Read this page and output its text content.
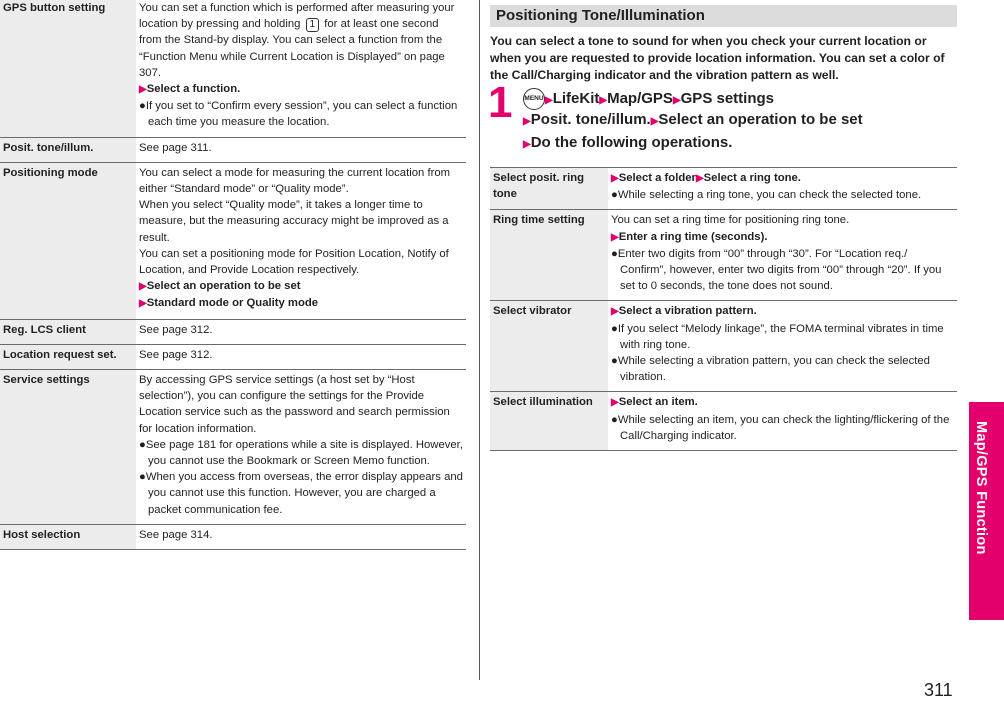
GPS button setting	You can set a function which is performed after measuring your location by pressing and holding 1 for at least one second from the Stand-by display. You can select a function from the “Function Menu while Current Location is Displayed” on page 307.
▶Select a function.
●If you set to “Confirm every session”, you can select a function each time you measure the location.

Posit. tone/illum.	See page 311.
Positioning mode	You can select a mode for measuring the current location from either “Standard mode” or “Quality mode”.
When you select “Quality mode”, it takes a longer time to measure, but the measuring accuracy might be improved as a result.
You can set a positioning mode for Position Location, Notify of Location, and Provide Location respectively.
▶Select an operation to be set
▶Standard mode or Quality mode

Reg. LCS client	See page 312.
Location request set.	See page 312.
Service settings	By accessing GPS service settings (a host set by “Host selection”), you can configure the settings for the Provide Location service such as the password and search permission for location information.
●See page 181 for operations while a site is displayed. However, you cannot use the Bookmark or Screen Memo function.
●When you access from overseas, the error display appears and you cannot use this function. However, you are charged a packet communication fee.

Host selection	See page 314.
Positioning Tone/Illumination
You can select a tone to sound for when you check your current location or when you are requested to provide location information. You can set a color of the Call/Charging indicator and the vibration pattern as well.
1 MENU▶LifeKit▶Map/GPS▶GPS settings
▶Posit. tone/illum.▶Select an operation to be set
▶Do the following operations.
Select posit. ring tone	▶Select a folder▶Select a ring tone.
●While selecting a ring tone, you can check the selected tone.

Ring time setting	You can set a ring time for positioning ring tone.
▶Enter a ring time (seconds).
●Enter two digits from “00” through “30”. For “Location req./ Confirm”, however, enter two digits from “00” through “20”. If you set to 0 seconds, the tone does not sound.

Select vibrator	▶Select a vibration pattern.
●If you select “Melody linkage”, the FOMA terminal vibrates in time with ring tone.
●While selecting a vibration pattern, you can check the selected vibration.

Select illumination	▶Select an item.
●While selecting an item, you can check the lighting/flickering of the Call/Charging indicator.	Map/GPS Function
311
